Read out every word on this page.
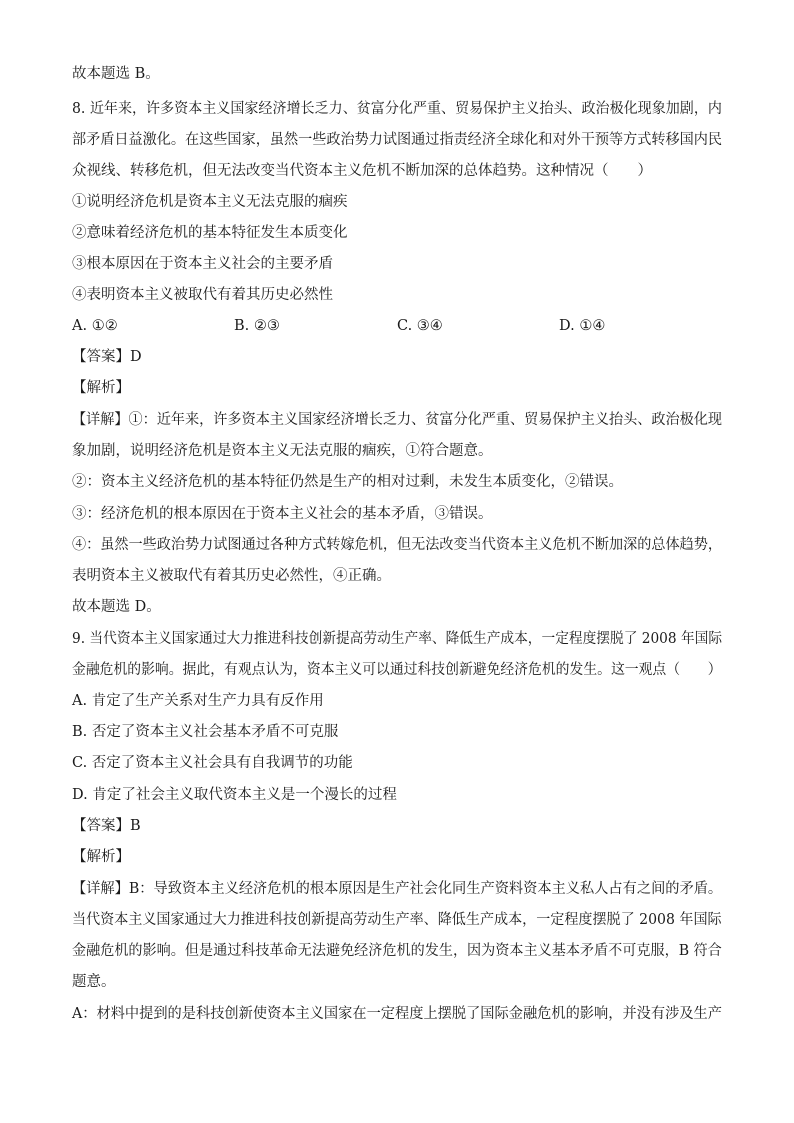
故本题选 B。
8. 近年来，许多资本主义国家经济增长乏力、贫富分化严重、贸易保护主义抬头、政治极化现象加剧，内
部矛盾日益激化。在这些国家，虽然一些政治势力试图通过指责经济全球化和对外干预等方式转移国内民
众视线、转移危机，但无法改变当代资本主义危机不断加深的总体趋势。这种情况（　　）
①说明经济危机是资本主义无法克服的痼疾
②意味着经济危机的基本特征发生本质变化
③根本原因在于资本主义社会的主要矛盾
④表明资本主义被取代有着其历史必然性
A. ①②	B. ②③	C. ③④	D. ①④
【答案】D
【解析】
【详解】①：近年来，许多资本主义国家经济增长乏力、贫富分化严重、贸易保护主义抬头、政治极化现
象加剧，说明经济危机是资本主义无法克服的痼疾，①符合题意。
②：资本主义经济危机的基本特征仍然是生产的相对过剩，未发生本质变化，②错误。
③：经济危机的根本原因在于资本主义社会的基本矛盾，③错误。
④：虽然一些政治势力试图通过各种方式转嫁危机，但无法改变当代资本主义危机不断加深的总体趋势，
表明资本主义被取代有着其历史必然性，④正确。
故本题选 D。
9. 当代资本主义国家通过大力推进科技创新提高劳动生产率、降低生产成本，一定程度摆脱了 2008 年国际
金融危机的影响。据此，有观点认为，资本主义可以通过科技创新避免经济危机的发生。这一观点（　　）
A. 肯定了生产关系对生产力具有反作用
B. 否定了资本主义社会基本矛盾不可克服
C. 否定了资本主义社会具有自我调节的功能
D. 肯定了社会主义取代资本主义是一个漫长的过程
【答案】B
【解析】
【详解】B：导致资本主义经济危机的根本原因是生产社会化同生产资料资本主义私人占有之间的矛盾。
当代资本主义国家通过大力推进科技创新提高劳动生产率、降低生产成本，一定程度摆脱了 2008 年国际
金融危机的影响。但是通过科技革命无法避免经济危机的发生，因为资本主义基本矛盾不可克服，B 符合
题意。
A：材料中提到的是科技创新使资本主义国家在一定程度上摆脱了国际金融危机的影响，并没有涉及生产
